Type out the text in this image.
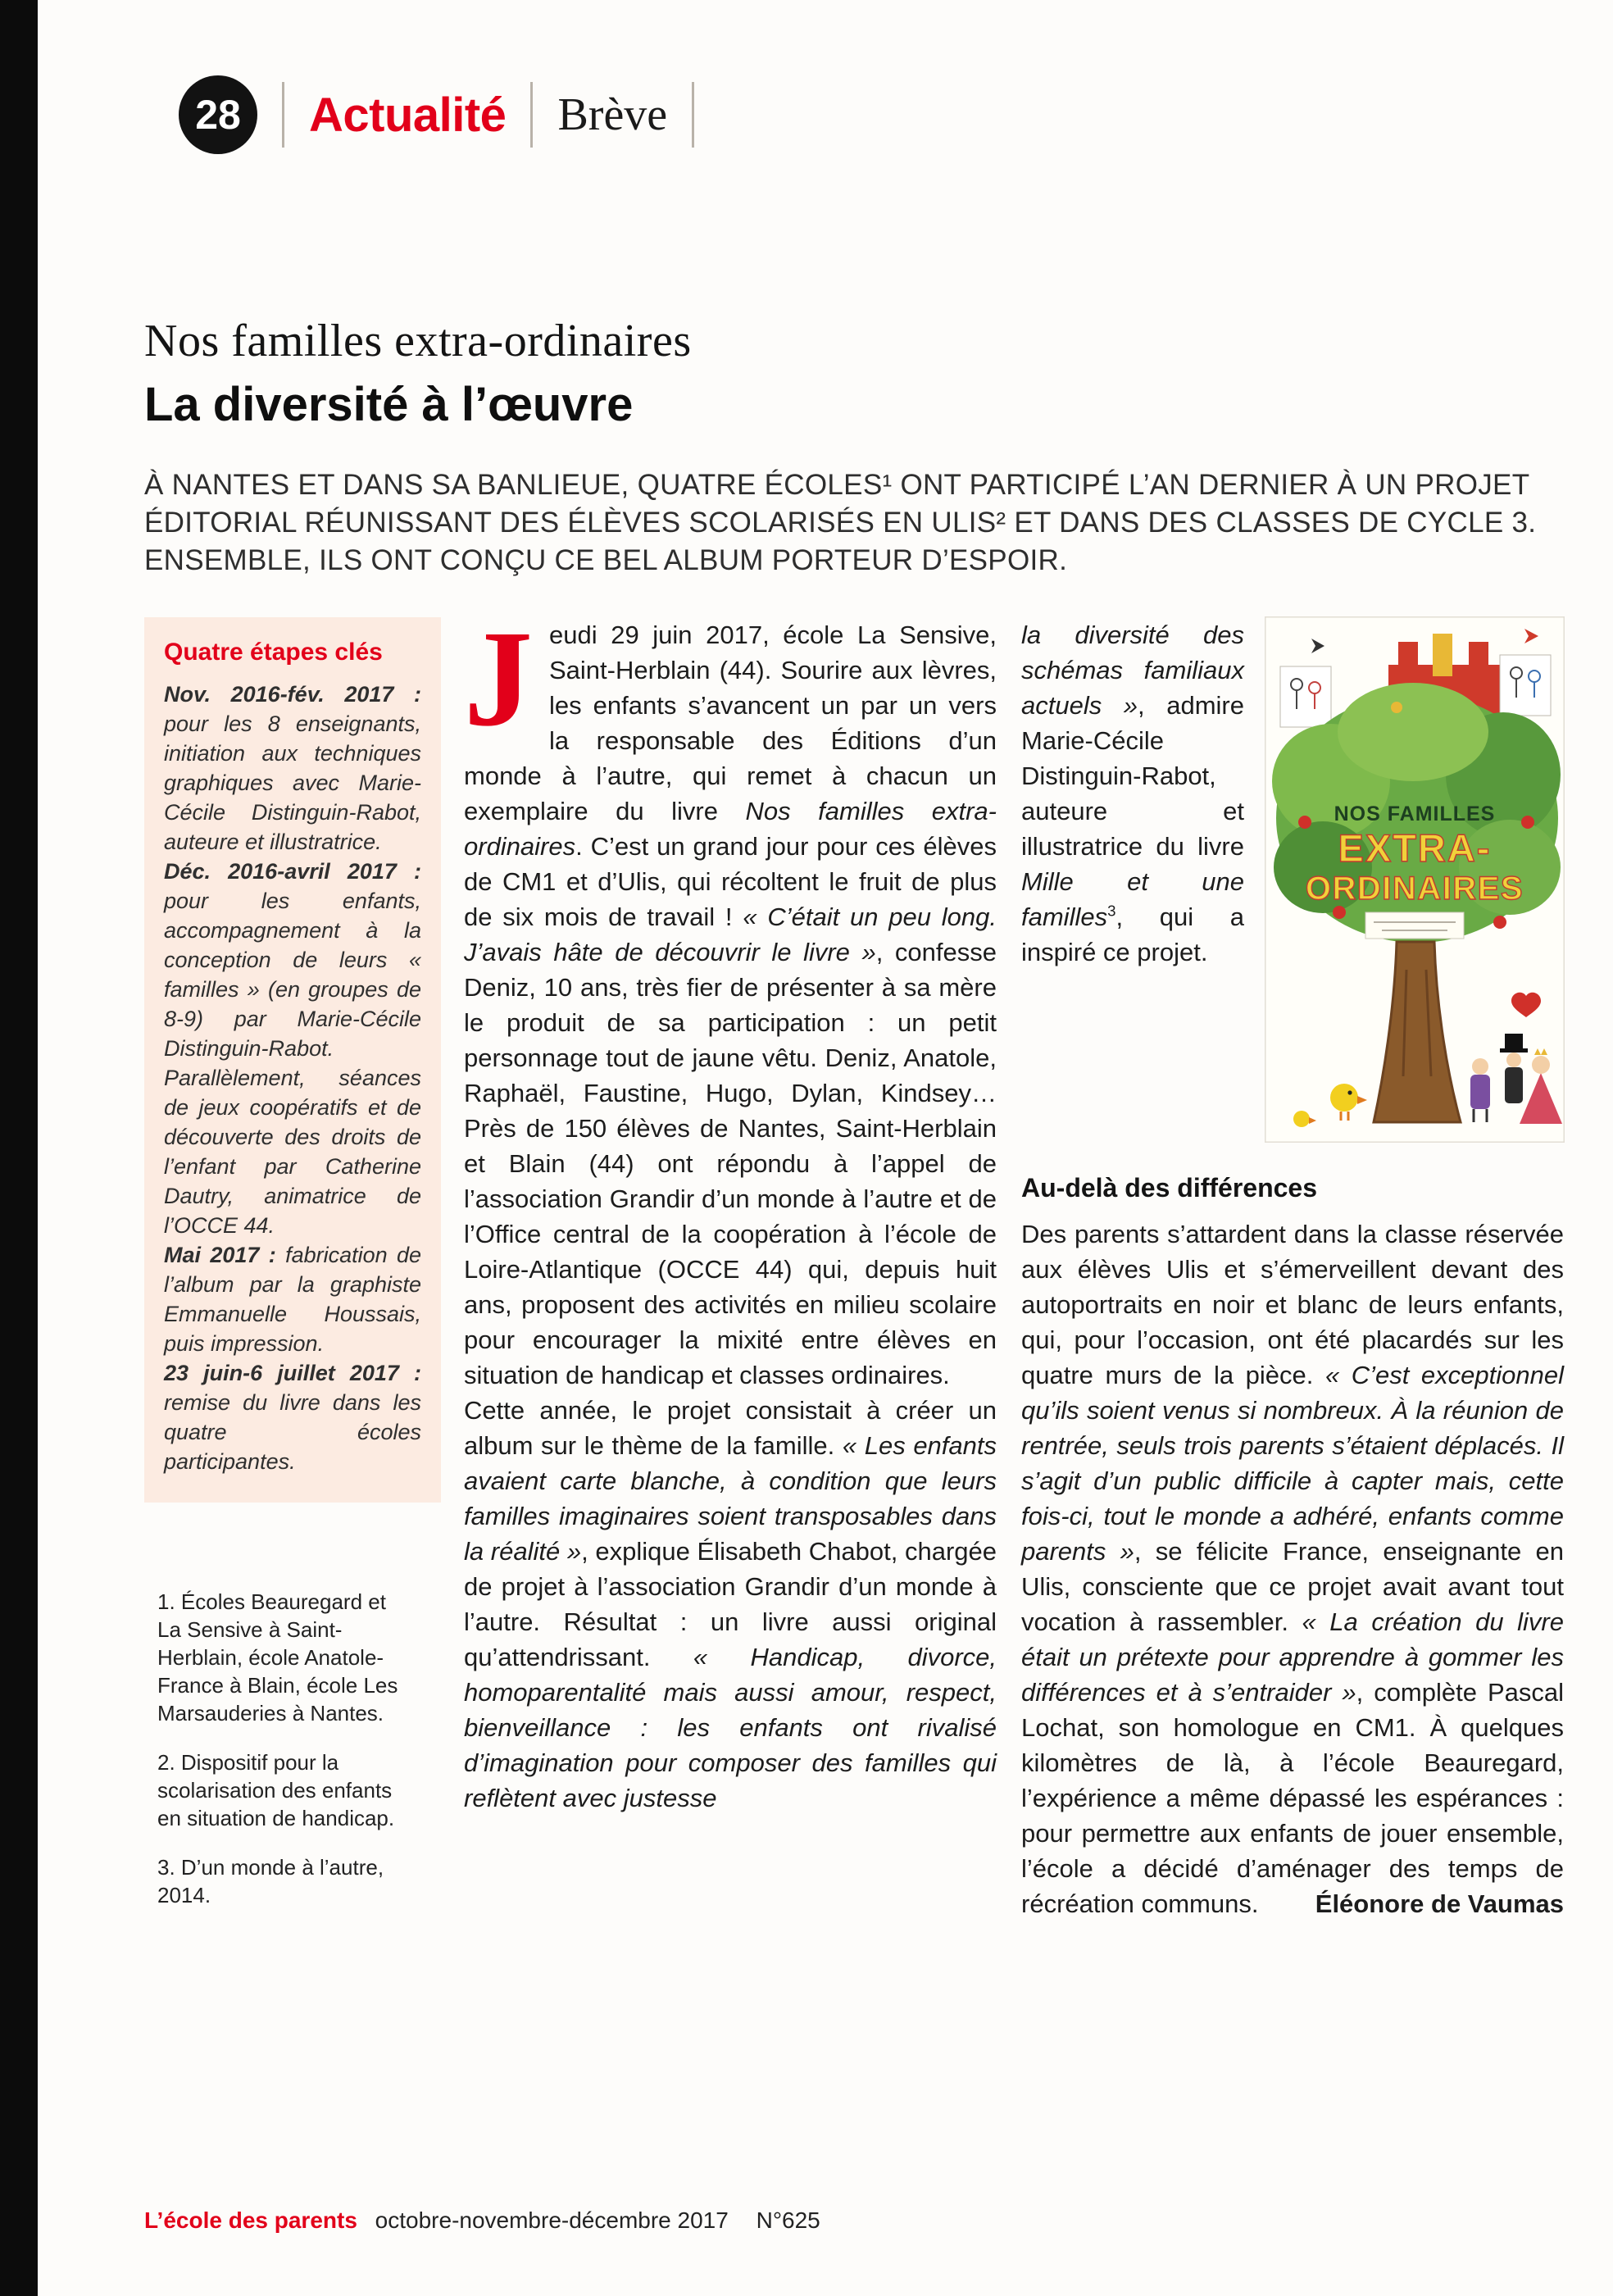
28 Actualité Brève
Nos familles extra-ordinaires
La diversité à l’œuvre

À NANTES ET DANS SA BANLIEUE, QUATRE ÉCOLES¹ ONT PARTICIPÉ L’AN DERNIER À UN PROJET ÉDITORIAL RÉUNISSANT DES ÉLÈVES SCOLARISÉS EN ULIS² ET DANS DES CLASSES DE CYCLE 3. ENSEMBLE, ILS ONT CONÇU CE BEL ALBUM PORTEUR D’ESPOIR.

Quatre étapes clés

Nov. 2016-fév. 2017 : pour les 8 enseignants, initiation aux techniques graphiques avec Marie-Cécile Distinguin-Rabot, auteure et illustratrice.

Déc. 2016-avril 2017 : pour les enfants, accompagnement à la conception de leurs « familles » (en groupes de 8-9) par Marie-Cécile Distinguin-Rabot. Parallèlement, séances de jeux coopératifs et de découverte des droits de l’enfant par Catherine Dautry, animatrice de l’OCCE 44.

Mai 2017 : fabrication de l’album par la graphiste Emmanuelle Houssais, puis impression.

23 juin-6 juillet 2017 : remise du livre dans les quatre écoles participantes.

1. Écoles Beauregard et La Sensive à Saint-Herblain, école Anatole-France à Blain, école Les Marsauderies à Nantes.

2. Dispositif pour la scolarisation des enfants en situation de handicap.

3. D’un monde à l’autre, 2014.

Jeudi 29 juin 2017, école La Sensive, Saint-Herblain (44). Sourire aux lèvres, les enfants s’avancent un par un vers la responsable des Éditions d’un monde à l’autre, qui remet à chacun un exemplaire du livre Nos familles extra-ordinaires. C’est un grand jour pour ces élèves de CM1 et d’Ulis, qui récoltent le fruit de plus de six mois de travail ! « C’était un peu long. J’avais hâte de découvrir le livre », confesse Deniz, 10 ans, très fier de présenter à sa mère le produit de sa participation : un petit personnage tout de jaune vêtu. Deniz, Anatole, Raphaël, Faustine, Hugo, Dylan, Kindsey… Près de 150 élèves de Nantes, Saint-Herblain et Blain (44) ont répondu à l’appel de l’association Grandir d’un monde à l’autre et de l’Office central de la coopération à l’école de Loire-Atlantique (OCCE 44) qui, depuis huit ans, proposent des activités en milieu scolaire pour encourager la mixité entre élèves en situation de handicap et classes ordinaires.

Cette année, le projet consistait à créer un album sur le thème de la famille. « Les enfants avaient carte blanche, à condition que leurs familles imaginaires soient transposables dans la réalité », explique Élisabeth Chabot, chargée de projet à l’association Grandir d’un monde à l’autre. Résultat : un livre aussi original qu’attendrissant. « Handicap, divorce, homoparentalité mais aussi amour, respect, bienveillance : les enfants ont rivalisé d’imagination pour composer des familles qui reflètent avec justesse

la diversité des schémas familiaux actuels », admire Marie-Cécile Distinguin-Rabot, auteure et illustratrice du livre Mille et une familles$^3$, qui a inspiré ce projet.

NOS FAMILLES
EXTRA-
ORDINAIRES
Au-delà des différences

Des parents s’attardent dans la classe réservée aux élèves Ulis et s’émerveillent devant des autoportraits en noir et blanc de leurs enfants, qui, pour l’occasion, ont été placardés sur les quatre murs de la pièce. « C’est exceptionnel qu’ils soient venus si nombreux. À la réunion de rentrée, seuls trois parents s’étaient déplacés. Il s’agit d’un public difficile à capter mais, cette fois-ci, tout le monde a adhéré, enfants comme parents », se félicite France, enseignante en Ulis, consciente que ce projet avait avant tout vocation à rassembler. « La création du livre était un prétexte pour apprendre à gommer les différences et à s’entraider », complète Pascal Lochat, son homologue en CM1. À quelques kilomètres de là, à l’école Beauregard, l’expérience a même dépassé les espérances : pour permettre aux enfants de jouer ensemble, l’école a décidé d’aménager des temps de récréation communs. Éléonore de Vaumas

L’école des parents octobre-novembre-décembre 2017 N°625
